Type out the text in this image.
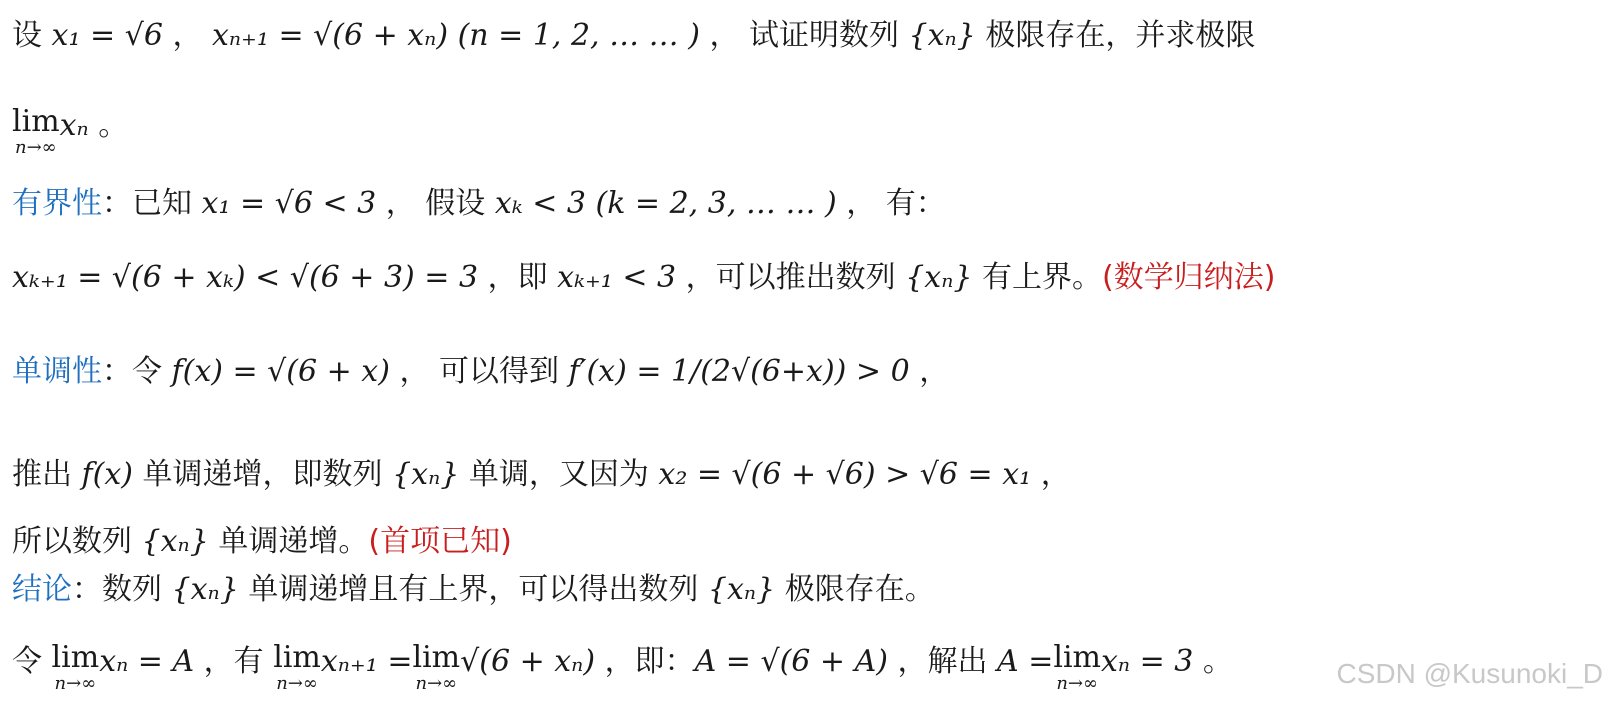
设 x₁ = √6 ， xₙ₊₁ = √(6 + xₙ) (n = 1, 2, … … ) ， 试证明数列 {xₙ} 极限存在，并求极限
lim
n→∞
xₙ 。
有界性：已知 x₁ = √6 < 3 ， 假设 xₖ < 3 (k = 2, 3, … … ) ， 有：
xₖ₊₁ = √(6 + xₖ) < √(6 + 3) = 3 ，即 xₖ₊₁ < 3 ，可以推出数列 {xₙ} 有上界。(数学归纳法)
单调性：令 f(x) = √(6 + x) ， 可以得到 f′(x) = 1/(2√(6+x)) > 0 ，
推出 f(x) 单调递增，即数列 {xₙ} 单调，又因为 x₂ = √(6 + √6) > √6 = x₁ ，
所以数列 {xₙ} 单调递增。(首项已知)
结论：数列 {xₙ} 单调递增且有上界，可以得出数列 {xₙ} 极限存在。
令 lim
n→∞
xₙ = A ，有 lim
n→∞
xₙ₊₁ = lim
n→∞
√(6 + xₙ) ，即：A = √(6 + A) ，解出 A = lim
n→∞
xₙ = 3 。	CSDN @Kusunoki_D
